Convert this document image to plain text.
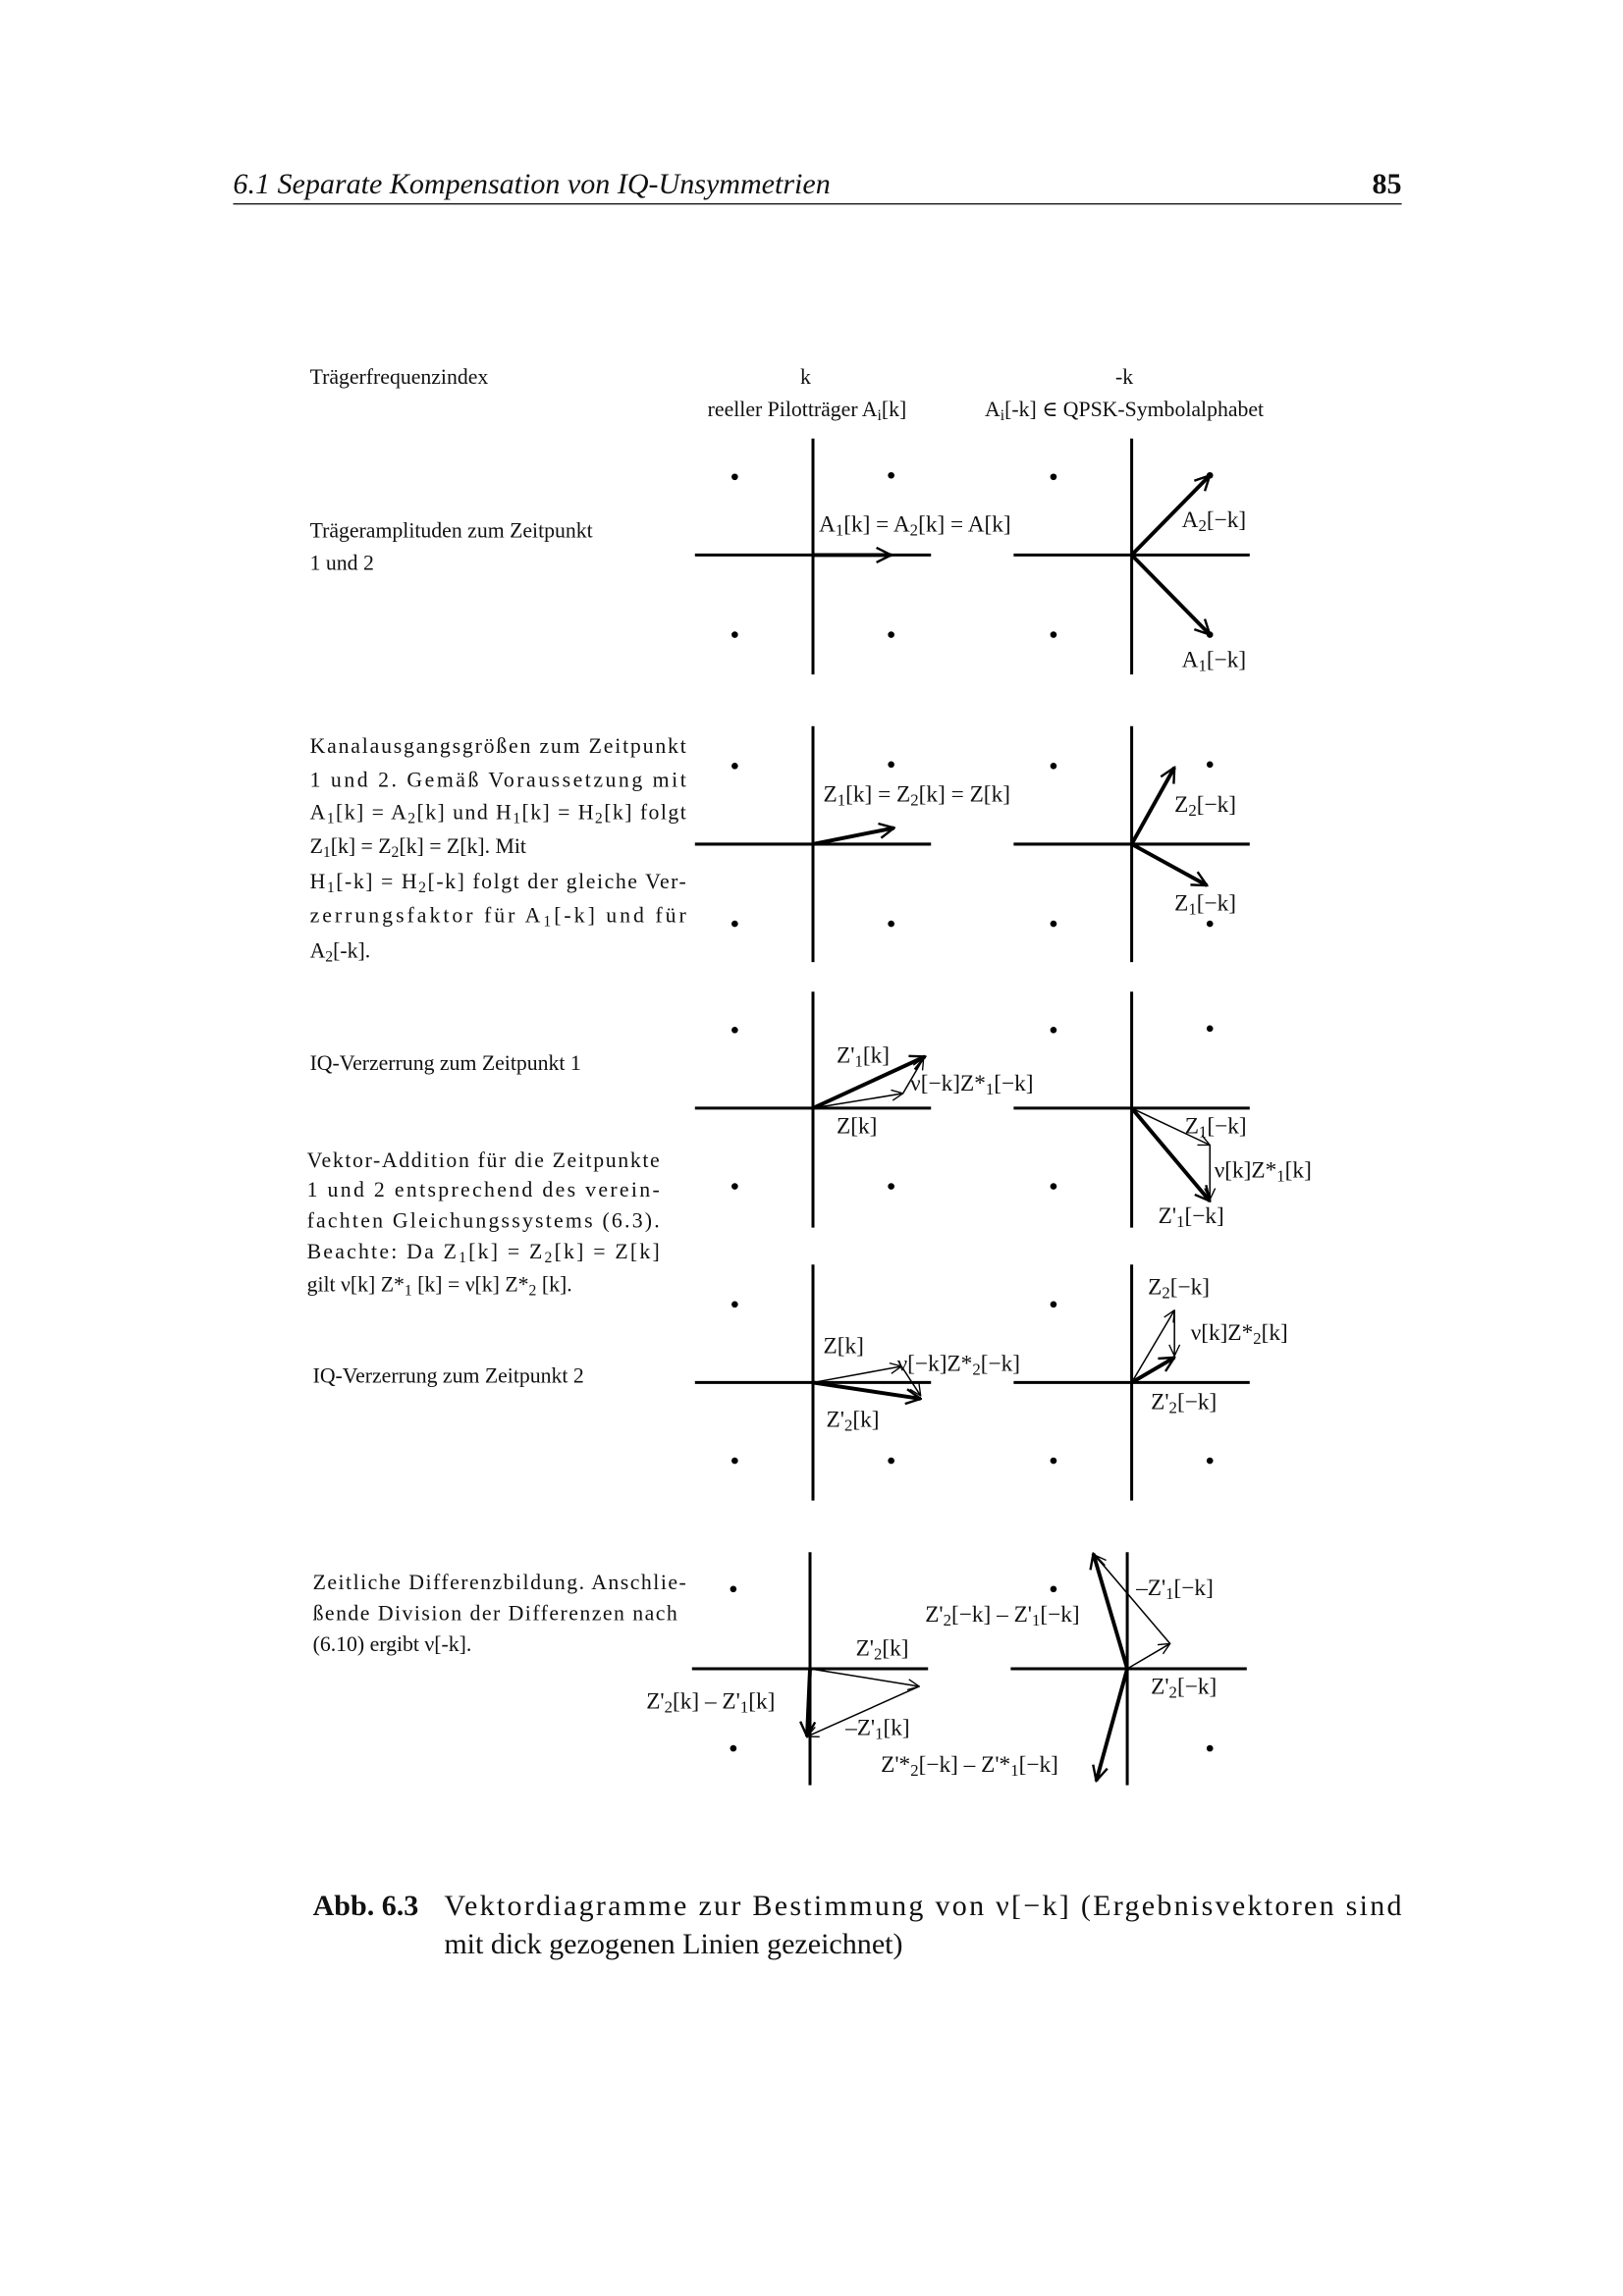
6.1 Separate Kompensation von IQ-Unsymmetrien	85
Trägerfrequenzindex	k
reeller Pilotträger Ai[k]
-k
Ai[-k] ∈ QPSK-Symbolalphabet
Trägeramplituden zum Zeitpunkt
1 und 2
A1[k] = A2[k] = A[k]	A2[−k]
A1[−k]
Kanalausgangsgrößen zum Zeitpunkt
1 und 2. Gemäß Voraussetzung mit
A1[k] = A2[k] und H1[k] = H2[k] folgt
Z1[k] = Z2[k] = Z[k]. Mit
H 1 [-k] = H 2 [-k] folgt der gleiche Ver-
zerrungsfaktor für A 1 [-k] und für
A2[-k].
Z1[k] = Z2[k] = Z[k]	Z2[−k]
Z1[−k]
IQ-Verzerrung zum Zeitpunkt 1	Z'1[k]
ν[−k]Z*1[−k]
Z[k]	Z1[−k]
ν[k]Z*1[k]
Z'1[−k]
Vektor-Addition für die Zeitpunkte
1 und 2 entsprechend des verein-
fachten Gleichungssystems (6.3).
Beachte: Da Z 1 [k] = Z 2 [k] = Z[k]
gilt ν[k] Z*1 [k] = ν[k] Z*2 [k].
IQ-Verzerrung zum Zeitpunkt 2
Z[k]
ν[−k]Z*2[−k]
Z'2[k]
Z2[−k]
ν[k]Z*2[k]
Z'2[−k]
Zeitliche Differenzbildung. Anschlie-
ßende Division der Differenzen nach
(6.10) ergibt ν[-k].	Z'2[k]
Z'2[k] – Z'1[k]
–Z'1[k]
Z'2[−k] – Z'1[−k]
–Z'1[−k]
Z'2[−k]
Z'*2[−k] – Z'*1[−k]
Abb. 6.3 Vektordiagramme zur Bestimmung von ν[−k] (Ergebnisvektoren sind
mit dick gezogenen Linien gezeichnet)
